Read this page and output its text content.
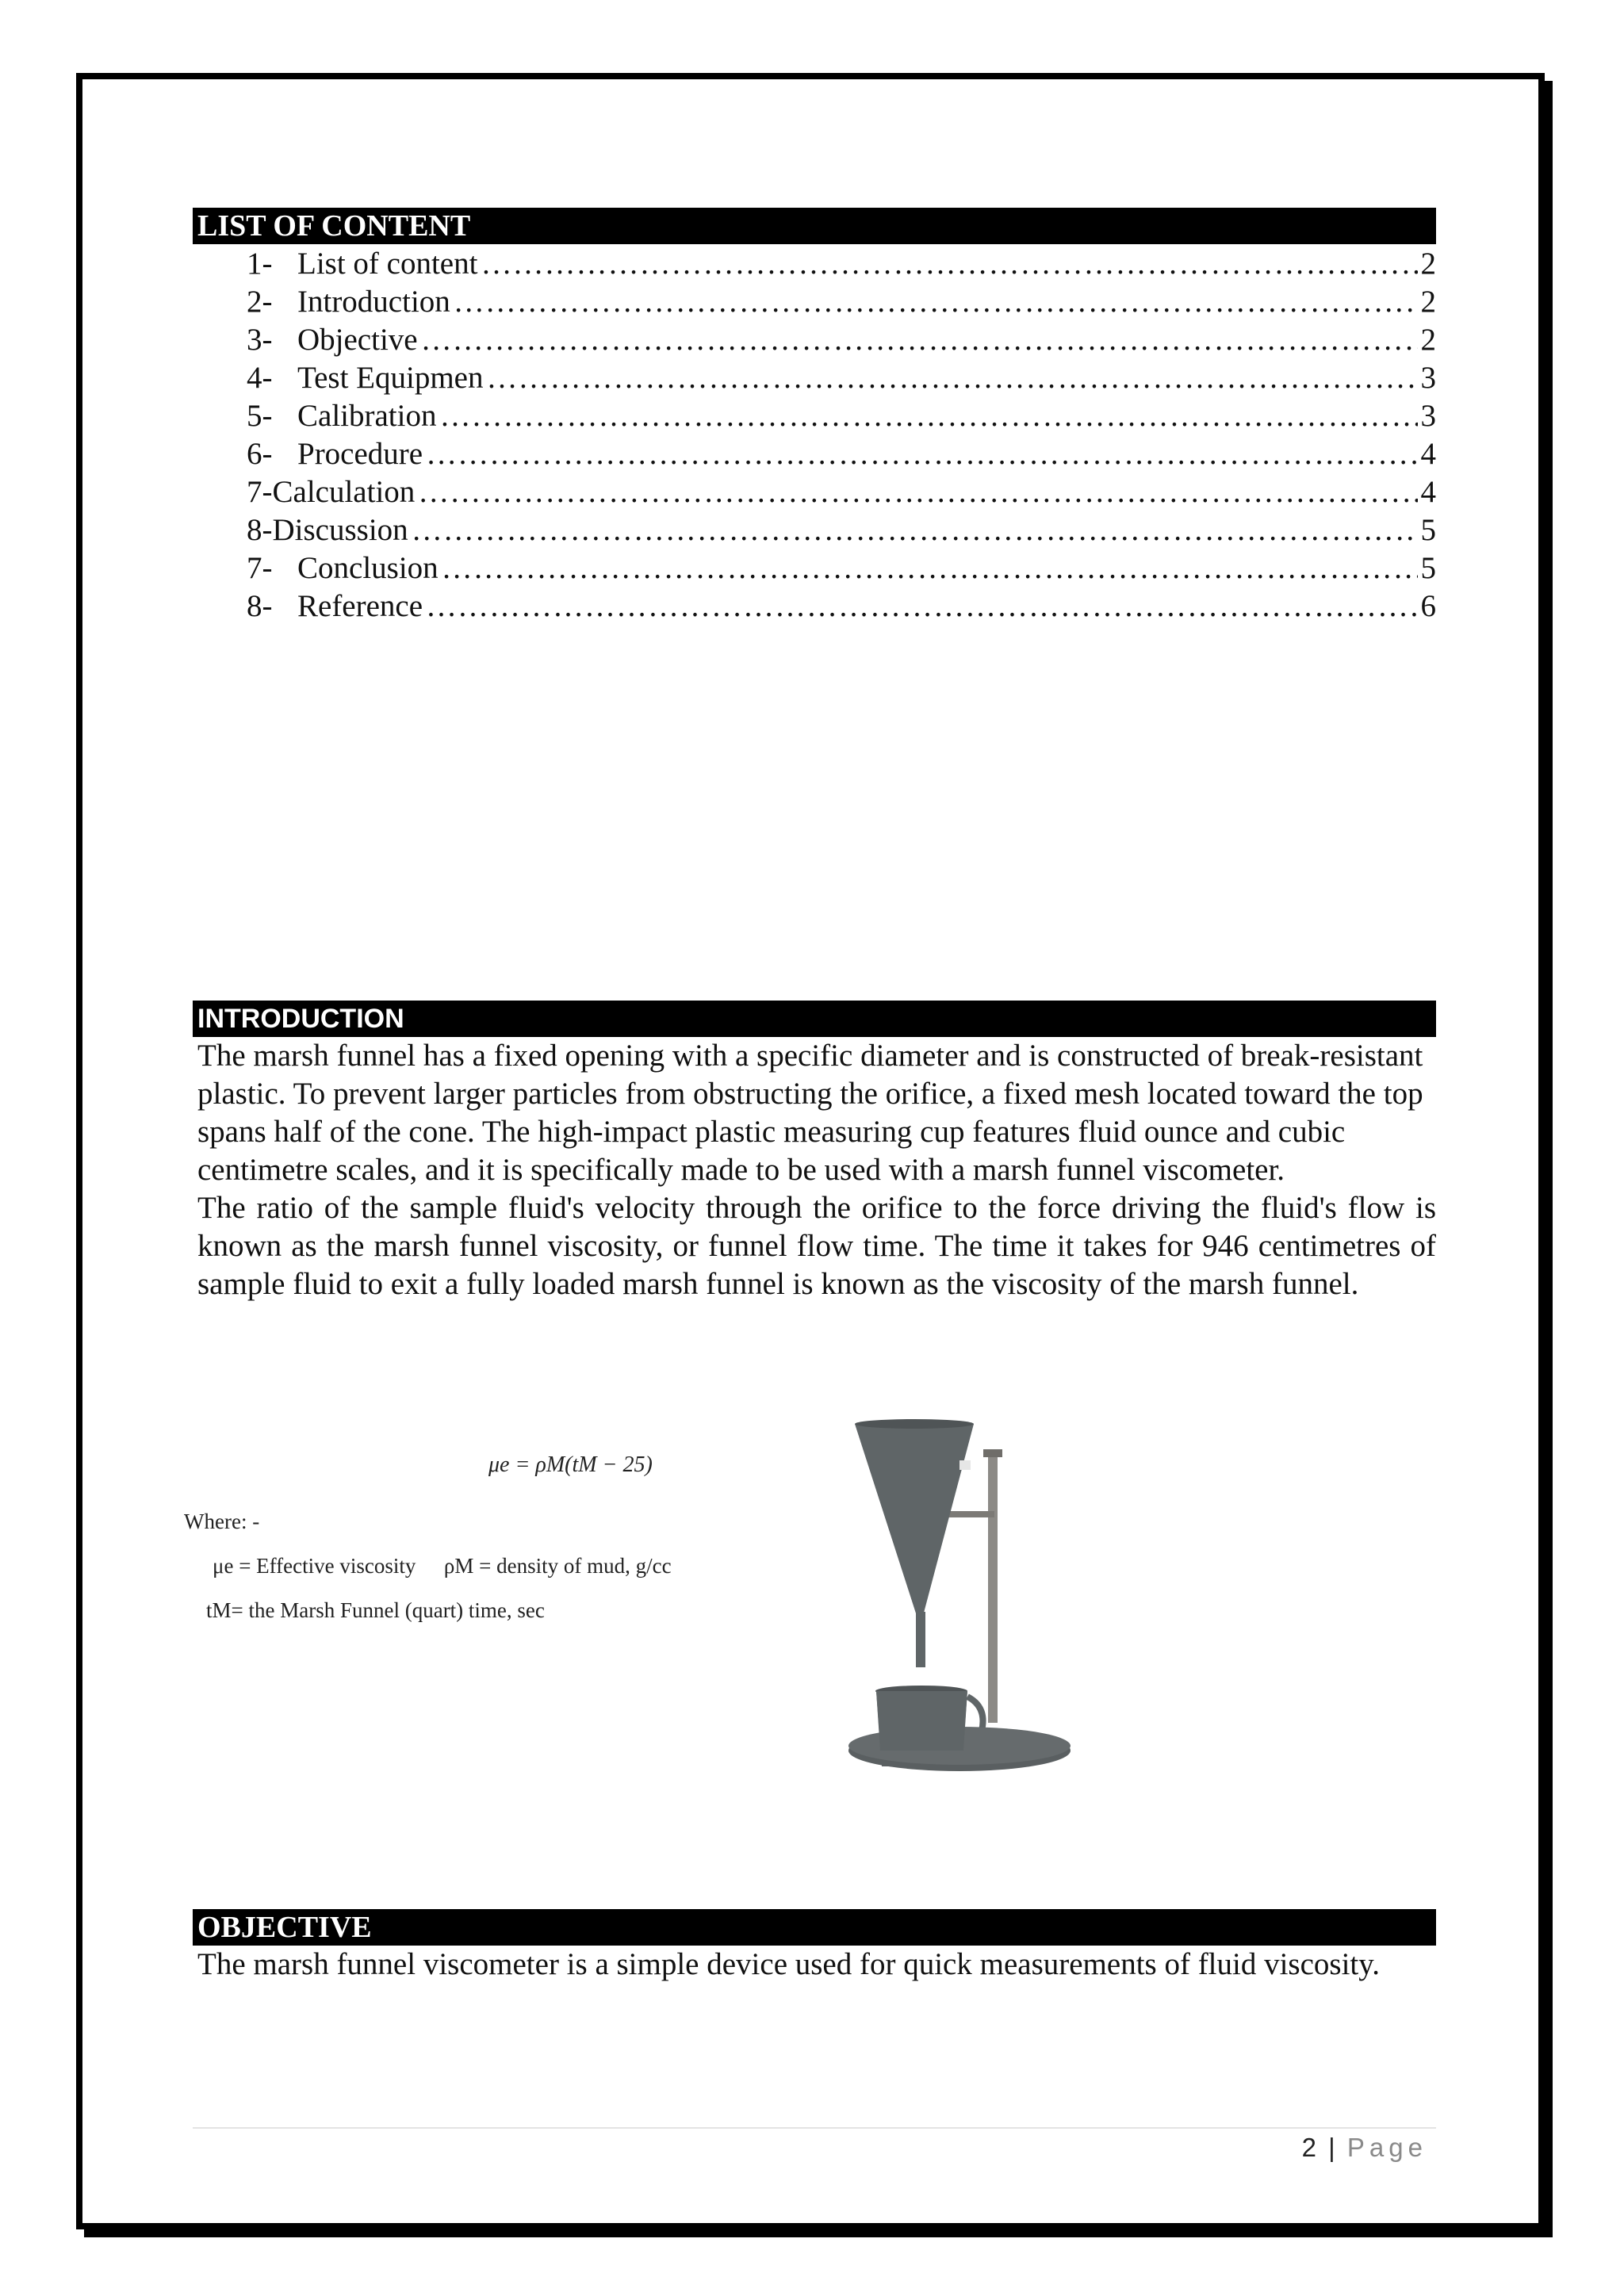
LIST OF CONTENT
1- List of content …………………………………………………………………………………………………………………………………………………………………	2
2- Introduction …………………………………………………………………………………………………………………………………………………………………	2
3- Objective …………………………………………………………………………………………………………………………………………………………………	2
4- Test Equipmen …………………………………………………………………………………………………………………………………………………………………	3
5- Calibration …………………………………………………………………………………………………………………………………………………………………	3
6- Procedure …………………………………………………………………………………………………………………………………………………………………	4
7- Calculation …………………………………………………………………………………………………………………………………………………………………	4
8- Discussion …………………………………………………………………………………………………………………………………………………………………	5
7- Conclusion …………………………………………………………………………………………………………………………………………………………………	5
8- Reference …………………………………………………………………………………………………………………………………………………………………	6
INTRODUCTION

The marsh funnel has a fixed opening with a specific diameter and is constructed of break-resistant plastic. To prevent larger particles from obstructing the orifice, a fixed mesh located toward the top spans half of the cone. The high-impact plastic measuring cup features fluid ounce and cubic centimetre scales, and it is specifically made to be used with a marsh funnel viscometer.

The ratio of the sample fluid's velocity through the orifice to the force driving the fluid's flow is known as the marsh funnel viscosity, or funnel flow time. The time it takes for 946 centimetres of sample fluid to exit a fully loaded marsh funnel is known as the viscosity of the marsh funnel.

μe = ρM(tM − 25)
Where: -
μe = Effective viscosity ρM = density of mud, g/cc
tM= the Marsh Funnel (quart) time, sec
OBJECTIVE

The marsh funnel viscometer is a simple device used for quick measurements of fluid viscosity.

2 | Page
